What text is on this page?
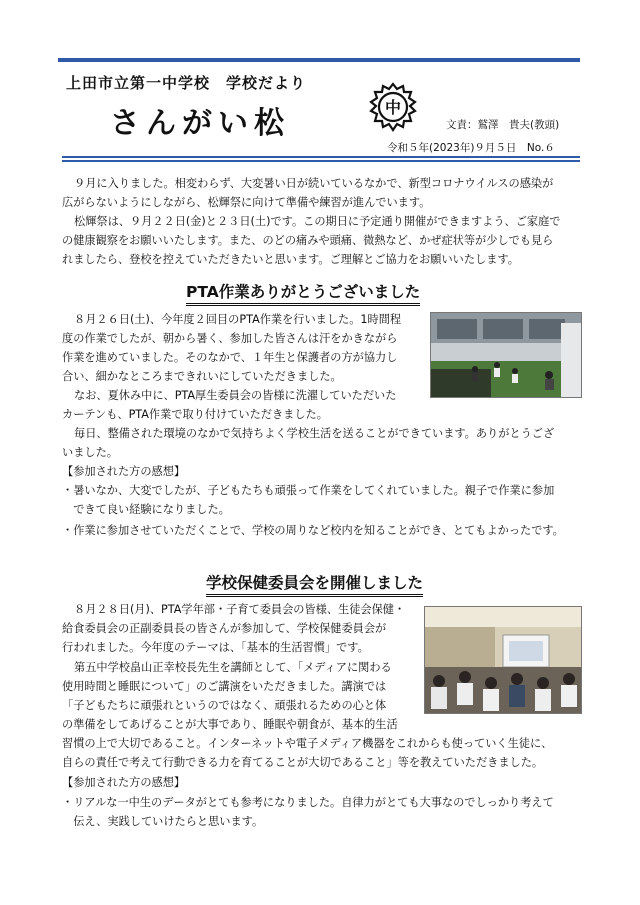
上田市立第一中学校　学校だより
さんがい松	中
文責：鷲澤　貴夫(教頭)
令和５年(2023年)９月５日　No.６
９月に入りました。相変わらず、大変暑い日が続いているなかで、新型コロナウイルスの感染が
広がらないようにしながら、松輝祭に向けて準備や練習が進んでいます。
松輝祭は、９月２２日(金)と２３日(土)です。この期日に予定通り開催ができますよう、ご家庭で
の健康観察をお願いいたします。また、のどの痛みや頭痛、微熱など、かぜ症状等が少しでも見ら
れましたら、登校を控えていただきたいと思います。ご理解とご協力をお願いいたします。
PTA作業ありがとうございました
８月２６日(土)、今年度２回目のPTA作業を行いました。1時間程
度の作業でしたが、朝から暑く、参加した皆さんは汗をかきながら
作業を進めていました。そのなかで、１年生と保護者の方が協力し
合い、細かなところまできれいにしていただきました。
なお、夏休み中に、PTA厚生委員会の皆様に洗濯していただいた
カーテンも、PTA作業で取り付けていただきました。
毎日、整備された環境のなかで気持ちよく学校生活を送ることができています。ありがとうござ
いました。
【参加された方の感想】
・暑いなか、大変でしたが、子どもたちも頑張って作業をしてくれていました。親子で作業に参加
　できて良い経験になりました。
・作業に参加させていただくことで、学校の周りなど校内を知ることができ、とてもよかったです。
学校保健委員会を開催しました
８月２８日(月)、PTA学年部・子育て委員会の皆様、生徒会保健・
給食委員会の正副委員長の皆さんが参加して、学校保健委員会が
行われました。今年度のテーマは、「基本的生活習慣」です。
第五中学校畠山正幸校長先生を講師として、「メディアに関わる
使用時間と睡眠について」のご講演をいただきました。講演では
「子どもたちに頑張れというのではなく、頑張れるための心と体
の準備をしてあげることが大事であり、睡眠や朝食が、基本的生活
習慣の上で大切であること。インターネットや電子メディア機器をこれからも使っていく生徒に、
自らの責任で考えて行動できる力を育てることが大切であること」等を教えていただきました。
【参加された方の感想】
・リアルな一中生のデータがとても参考になりました。自律力がとても大事なのでしっかり考えて
　伝え、実践していけたらと思います。
